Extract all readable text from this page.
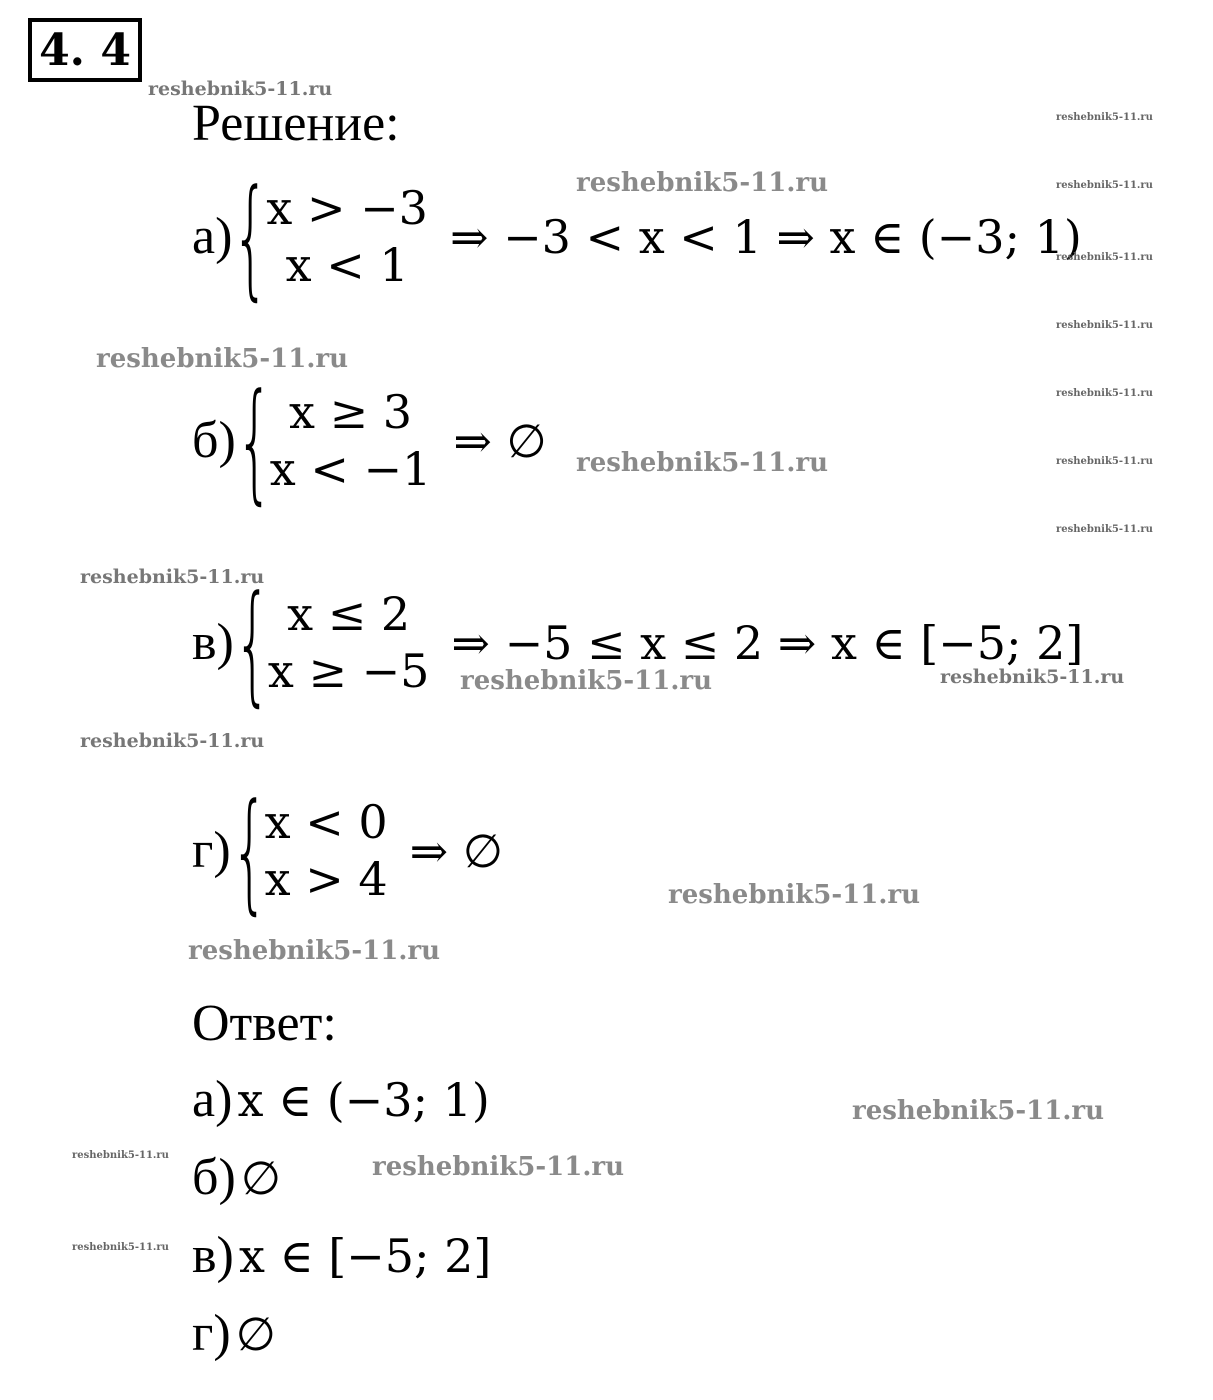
4. 4
Решение:
а) {
x > −3
x < 1
⇒ −3 < x < 1 ⇒ x ∈ (−3; 1)
б) { x ≥ 3
x < −1
⇒ ∅
в) { x ≤ 2
x ≥ −5
⇒ −5 ≤ x ≤ 2 ⇒ x ∈ [−5; 2]
г) {
x < 0
x > 4
⇒ ∅
Ответ:
а) x ∈ (−3; 1)
б) ∅
в) x ∈ [−5; 2]
г) ∅
reshebnik5-11.ru
reshebnik5-11.ru
reshebnik5-11.ru
reshebnik5-11.ru
reshebnik5-11.ru
reshebnik5-11.ru	reshebnik5-11.ru
reshebnik5-11.ru
reshebnik5-11.ru
reshebnik5-11.ru
reshebnik5-11.ru
reshebnik5-11.ru
reshebnik5-11.ru
reshebnik5-11.ru
reshebnik5-11.ru
reshebnik5-11.ru
reshebnik5-11.ru
reshebnik5-11.ru
reshebnik5-11.ru
reshebnik5-11.ru
reshebnik5-11.ru
